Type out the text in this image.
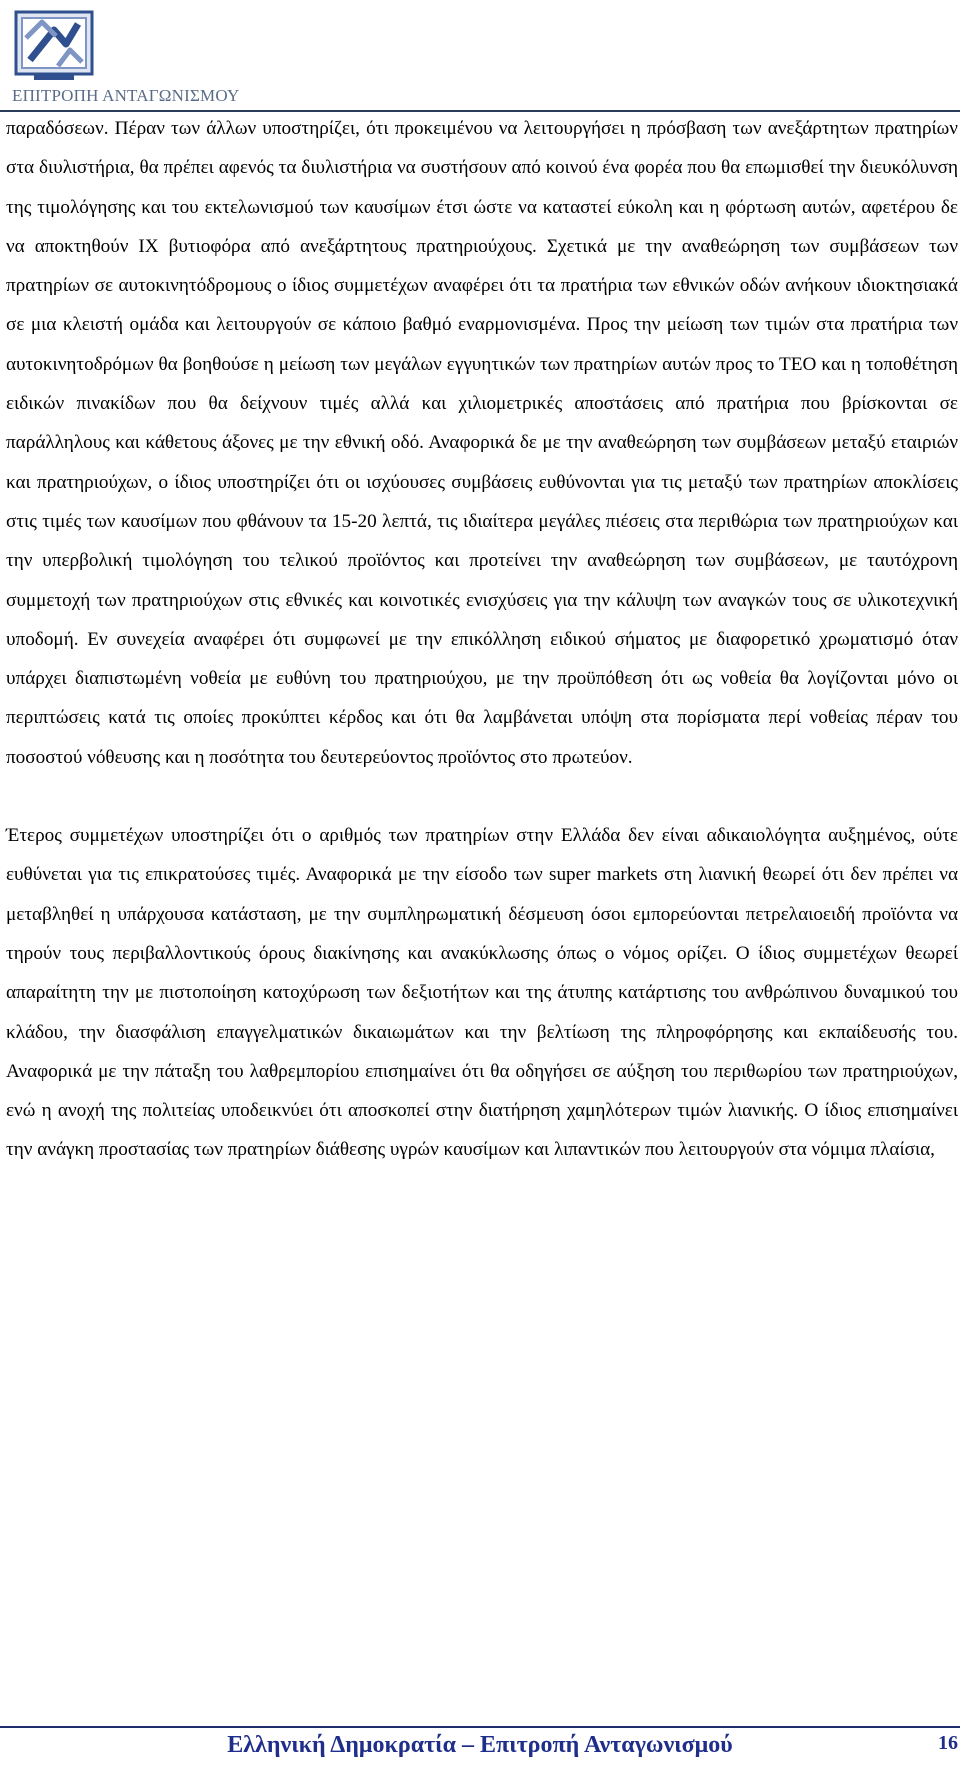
ΕΠΙΤΡΟΠΗ ΑΝΤΑΓΩΝΙΣΜΟΥ

παραδόσεων. Πέραν των άλλων υποστηρίζει, ότι προκειμένου να λειτουργήσει η πρόσβαση των ανεξάρτητων πρατηρίων στα διυλιστήρια, θα πρέπει αφενός τα διυλιστήρια να συστήσουν από κοινού ένα φορέα που θα επωμισθεί την διευκόλυνση της τιμολόγησης και του εκτελωνισμού των καυσίμων έτσι ώστε να καταστεί εύκολη και η φόρτωση αυτών, αφετέρου δε να αποκτηθούν ΙΧ βυτιοφόρα από ανεξάρτητους πρατηριούχους. Σχετικά με την αναθεώρηση των συμβάσεων των πρατηρίων σε αυτοκινητόδρομους ο ίδιος συμμετέχων αναφέρει ότι τα πρατήρια των εθνικών οδών ανήκουν ιδιοκτησιακά σε μια κλειστή ομάδα και λειτουργούν σε κάποιο βαθμό εναρμονισμένα. Προς την μείωση των τιμών στα πρατήρια των αυτοκινητοδρόμων θα βοηθούσε η μείωση των μεγάλων εγγυητικών των πρατηρίων αυτών προς το ΤΕΟ και η τοποθέτηση ειδικών πινακίδων που θα δείχνουν τιμές αλλά και χιλιομετρικές αποστάσεις από πρατήρια που βρίσκονται σε παράλληλους και κάθετους άξονες με την εθνική οδό. Αναφορικά δε με την αναθεώρηση των συμβάσεων μεταξύ εταιριών και πρατηριούχων, ο ίδιος υποστηρίζει ότι οι ισχύουσες συμβάσεις ευθύνονται για τις μεταξύ των πρατηρίων αποκλίσεις στις τιμές των καυσίμων που φθάνουν τα 15-20 λεπτά, τις ιδιαίτερα μεγάλες πιέσεις στα περιθώρια των πρατηριούχων και την υπερβολική τιμολόγηση του τελικού προϊόντος και προτείνει την αναθεώρηση των συμβάσεων, με ταυτόχρονη συμμετοχή των πρατηριούχων στις εθνικές και κοινοτικές ενισχύσεις για την κάλυψη των αναγκών τους σε υλικοτεχνική υποδομή. Εν συνεχεία αναφέρει ότι συμφωνεί με την επικόλληση ειδικού σήματος με διαφορετικό χρωματισμό όταν υπάρχει διαπιστωμένη νοθεία με ευθύνη του πρατηριούχου, με την προϋπόθεση ότι ως νοθεία θα λογίζονται μόνο οι περιπτώσεις κατά τις οποίες προκύπτει κέρδος και ότι θα λαμβάνεται υπόψη στα πορίσματα περί νοθείας πέραν του ποσοστού νόθευσης και η ποσότητα του δευτερεύοντος προϊόντος στο πρωτεύον.

Έτερος συμμετέχων υποστηρίζει ότι ο αριθμός των πρατηρίων στην Ελλάδα δεν είναι αδικαιολόγητα αυξημένος, ούτε ευθύνεται για τις επικρατούσες τιμές. Αναφορικά με την είσοδο των super markets στη λιανική θεωρεί ότι δεν πρέπει να μεταβληθεί η υπάρχουσα κατάσταση, με την συμπληρωματική δέσμευση όσοι εμπορεύονται πετρελαιοειδή προϊόντα να τηρούν τους περιβαλλοντικούς όρους διακίνησης και ανακύκλωσης όπως ο νόμος ορίζει. Ο ίδιος συμμετέχων θεωρεί απαραίτητη την με πιστοποίηση κατοχύρωση των δεξιοτήτων και της άτυπης κατάρτισης του ανθρώπινου δυναμικού του κλάδου, την διασφάλιση επαγγελματικών δικαιωμάτων και την βελτίωση της πληροφόρησης και εκπαίδευσής του. Αναφορικά με την πάταξη του λαθρεμπορίου επισημαίνει ότι θα οδηγήσει σε αύξηση του περιθωρίου των πρατηριούχων, ενώ η ανοχή της πολιτείας υποδεικνύει ότι αποσκοπεί στην διατήρηση χαμηλότερων τιμών λιανικής. Ο ίδιος επισημαίνει την ανάγκη προστασίας των πρατηρίων διάθεσης υγρών καυσίμων και λιπαντικών που λειτουργούν στα νόμιμα πλαίσια,

Ελληνική Δημοκρατία – Επιτροπή Ανταγωνισμού	16
